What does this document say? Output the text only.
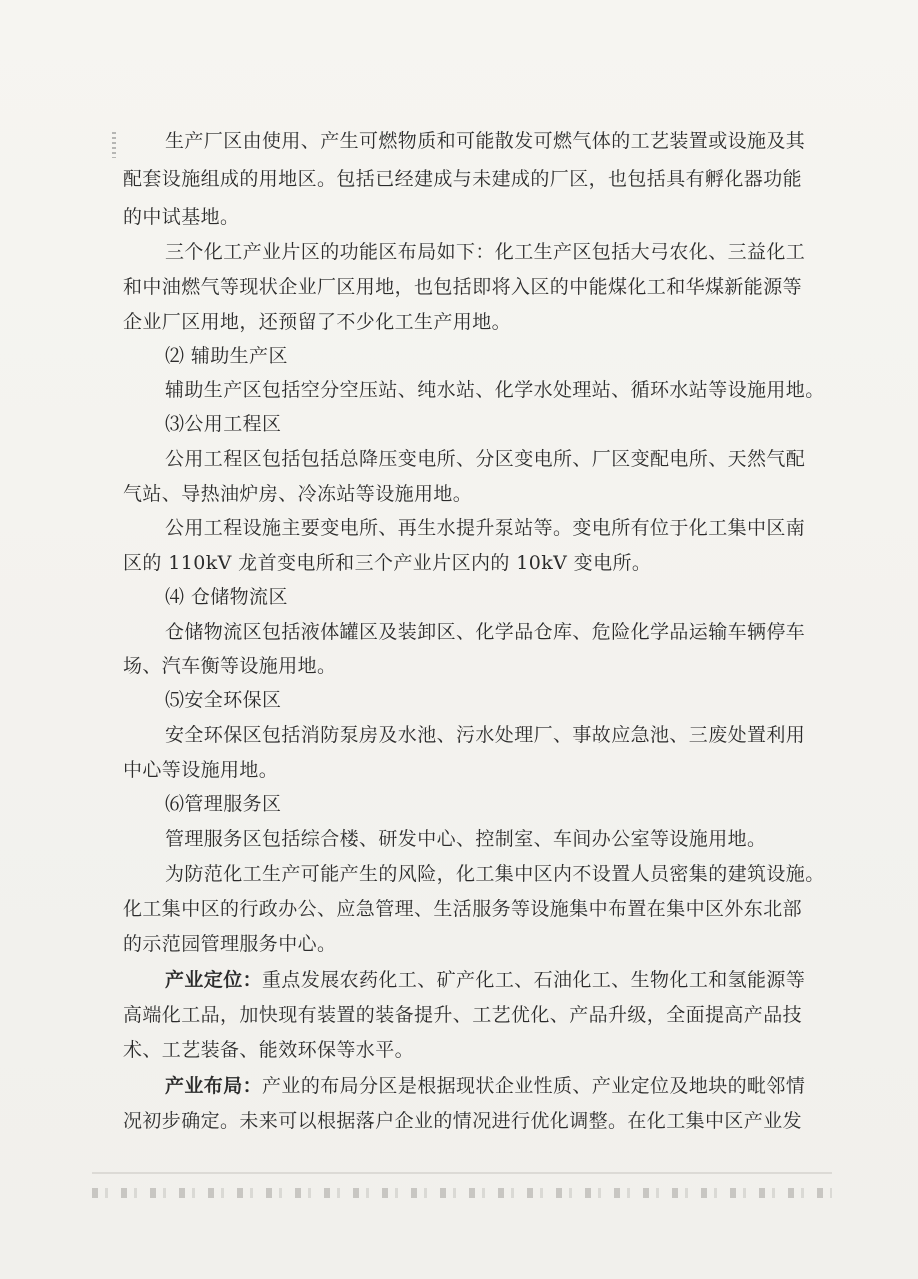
生产厂区由使用、产生可燃物质和可能散发可燃气体的工艺装置或设施及其
配套设施组成的用地区。包括已经建成与未建成的厂区，也包括具有孵化器功能
的中试基地。
三个化工产业片区的功能区布局如下：化工生产区包括大弓农化、三益化工
和中油燃气等现状企业厂区用地，也包括即将入区的中能煤化工和华煤新能源等
企业厂区用地，还预留了不少化工生产用地。
⑵ 辅助生产区
辅助生产区包括空分空压站、纯水站、化学水处理站、循环水站等设施用地。
⑶公用工程区
公用工程区包括包括总降压变电所、分区变电所、厂区变配电所、天然气配
气站、导热油炉房、冷冻站等设施用地。
公用工程设施主要变电所、再生水提升泵站等。变电所有位于化工集中区南
区的 110kV 龙首变电所和三个产业片区内的 10kV 变电所。
⑷ 仓储物流区
仓储物流区包括液体罐区及装卸区、化学品仓库、危险化学品运输车辆停车
场、汽车衡等设施用地。
⑸安全环保区
安全环保区包括消防泵房及水池、污水处理厂、事故应急池、三废处置利用
中心等设施用地。
⑹管理服务区
管理服务区包括综合楼、研发中心、控制室、车间办公室等设施用地。
为防范化工生产可能产生的风险，化工集中区内不设置人员密集的建筑设施。
化工集中区的行政办公、应急管理、生活服务等设施集中布置在集中区外东北部
的示范园管理服务中心。
产业定位：重点发展农药化工、矿产化工、石油化工、生物化工和氢能源等
高端化工品，加快现有装置的装备提升、工艺优化、产品升级，全面提高产品技
术、工艺装备、能效环保等水平。
产业布局：产业的布局分区是根据现状企业性质、产业定位及地块的毗邻情
况初步确定。未来可以根据落户企业的情况进行优化调整。在化工集中区产业发
